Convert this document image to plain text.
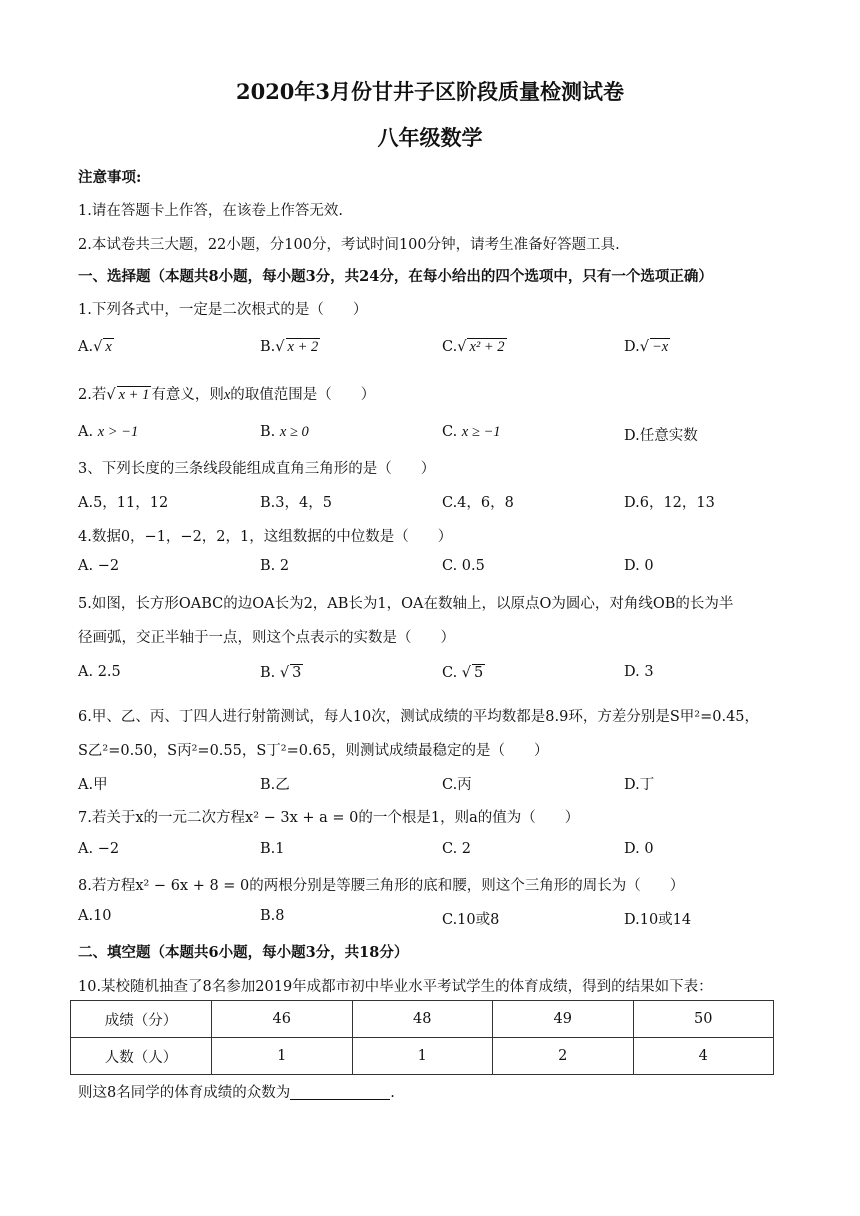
2020年3月份甘井子区阶段质量检测试卷
八年级数学
注意事项:
1.请在答题卡上作答，在该卷上作答无效.
2.本试卷共三大题，22小题，分100分，考试时间100分钟，请考生准备好答题工具.
一、选择题（本题共8小题，每小题3分，共24分，在每小给出的四个选项中，只有一个选项正确）
1.下列各式中，一定是二次根式的是（　　）
A.√ x	B.√ x + 2	C.√ x² + 2	D.√ −x
2.若√ x + 1 有意义，则x的取值范围是（　　）
A. x > −1	B. x ≥ 0	C. x ≥ −1	D.任意实数
3、下列长度的三条线段能组成直角三角形的是（　　）
A.5，11，12	B.3，4，5	C.4，6，8	D.6，12，13
4.数据0，−1，−2，2，1，这组数据的中位数是（　　）
A. −2	B. 2	C. 0.5	D. 0
5.如图，长方形OABC的边OA长为2，AB长为1，OA在数轴上，以原点O为圆心，对角线OB的长为半
径画弧，交正半轴于一点，则这个点表示的实数是（　　）
A. 2.5	B. √ 3	C. √ 5	D. 3
6.甲、乙、丙、丁四人进行射箭测试，每人10次，测试成绩的平均数都是8.9环，方差分别是S甲²=0.45，
S乙²=0.50，S丙²=0.55，S丁²=0.65，则测试成绩最稳定的是（　　）
A.甲	B.乙	C.丙	D.丁
7.若关于x的一元二次方程x² − 3x + a = 0的一个根是1，则a的值为（　　）
A. −2	B.1	C. 2	D. 0
8.若方程x² − 6x + 8 = 0的两根分别是等腰三角形的底和腰，则这个三角形的周长为（　　）
A.10	B.8	C.10或8	D.10或14
二、填空题（本题共6小题，每小题3分，共18分）
10.某校随机抽查了8名参加2019年成都市初中毕业水平考试学生的体育成绩，得到的结果如下表：
成绩（分）	46	48	49	50
人数（人）	1	1	2	4
则这8名同学的体育成绩的众数为	.
